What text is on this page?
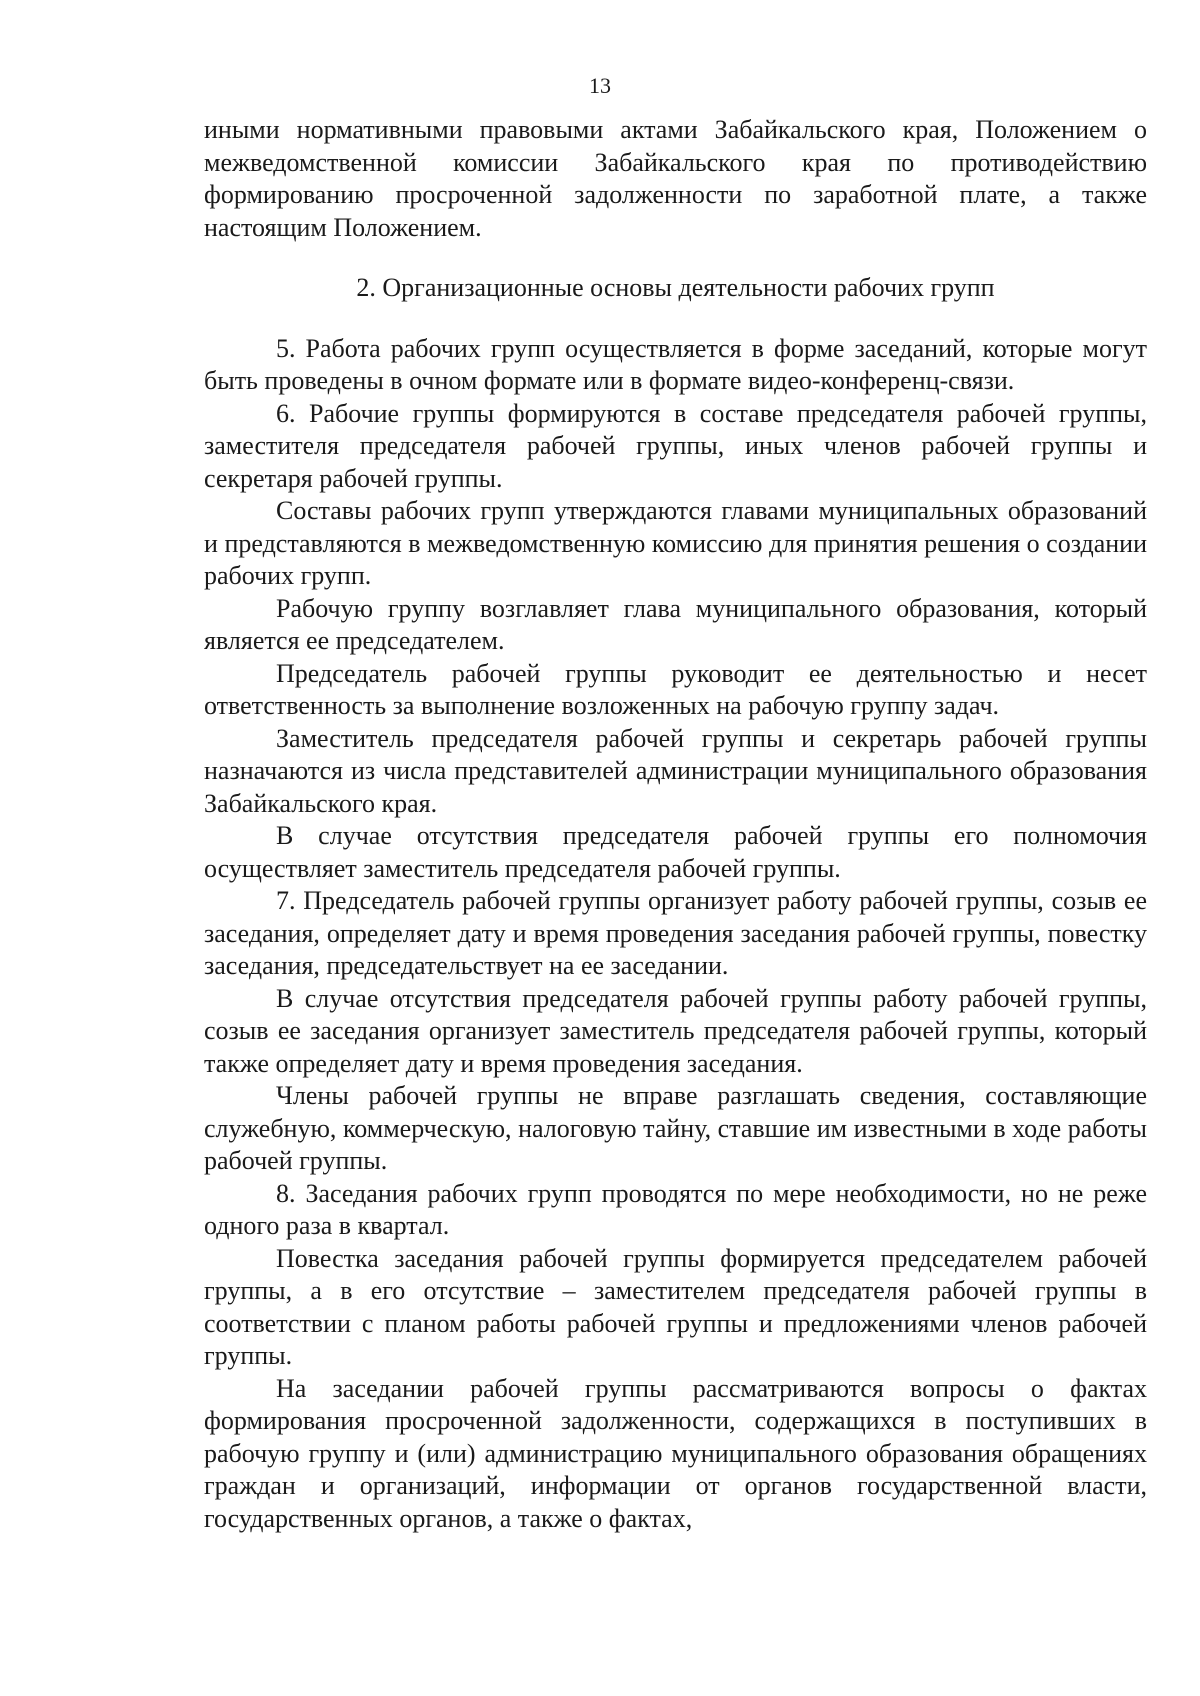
13

иными нормативными правовыми актами Забайкальского края, Положением о межведомственной комиссии Забайкальского края по противодействию формированию просроченной задолженности по заработной плате, а также настоящим Положением.

2. Организационные основы деятельности рабочих групп

5. Работа рабочих групп осуществляется в форме заседаний, которые могут быть проведены в очном формате или в формате видео-конференц-связи.

6. Рабочие группы формируются в составе председателя рабочей группы, заместителя председателя рабочей группы, иных членов рабочей группы и секретаря рабочей группы.

Составы рабочих групп утверждаются главами муниципальных образований и представляются в межведомственную комиссию для принятия решения о создании рабочих групп.

Рабочую группу возглавляет глава муниципального образования, который является ее председателем.

Председатель рабочей группы руководит ее деятельностью и несет ответственность за выполнение возложенных на рабочую группу задач.

Заместитель председателя рабочей группы и секретарь рабочей группы назначаются из числа представителей администрации муниципального образования Забайкальского края.

В случае отсутствия председателя рабочей группы его полномочия осуществляет заместитель председателя рабочей группы.

7. Председатель рабочей группы организует работу рабочей группы, созыв ее заседания, определяет дату и время проведения заседания рабочей группы, повестку заседания, председательствует на ее заседании.

В случае отсутствия председателя рабочей группы работу рабочей группы, созыв ее заседания организует заместитель председателя рабочей группы, который также определяет дату и время проведения заседания.

Члены рабочей группы не вправе разглашать сведения, составляющие служебную, коммерческую, налоговую тайну, ставшие им известными в ходе работы рабочей группы.

8. Заседания рабочих групп проводятся по мере необходимости, но не реже одного раза в квартал.

Повестка заседания рабочей группы формируется председателем рабочей группы, а в его отсутствие – заместителем председателя рабочей группы в соответствии с планом работы рабочей группы и предложениями членов рабочей группы.

На заседании рабочей группы рассматриваются вопросы о фактах формирования просроченной задолженности, содержащихся в поступивших в рабочую группу и (или) администрацию муниципального образования обращениях граждан и организаций, информации от органов государственной власти, государственных органов, а также о фактах,
